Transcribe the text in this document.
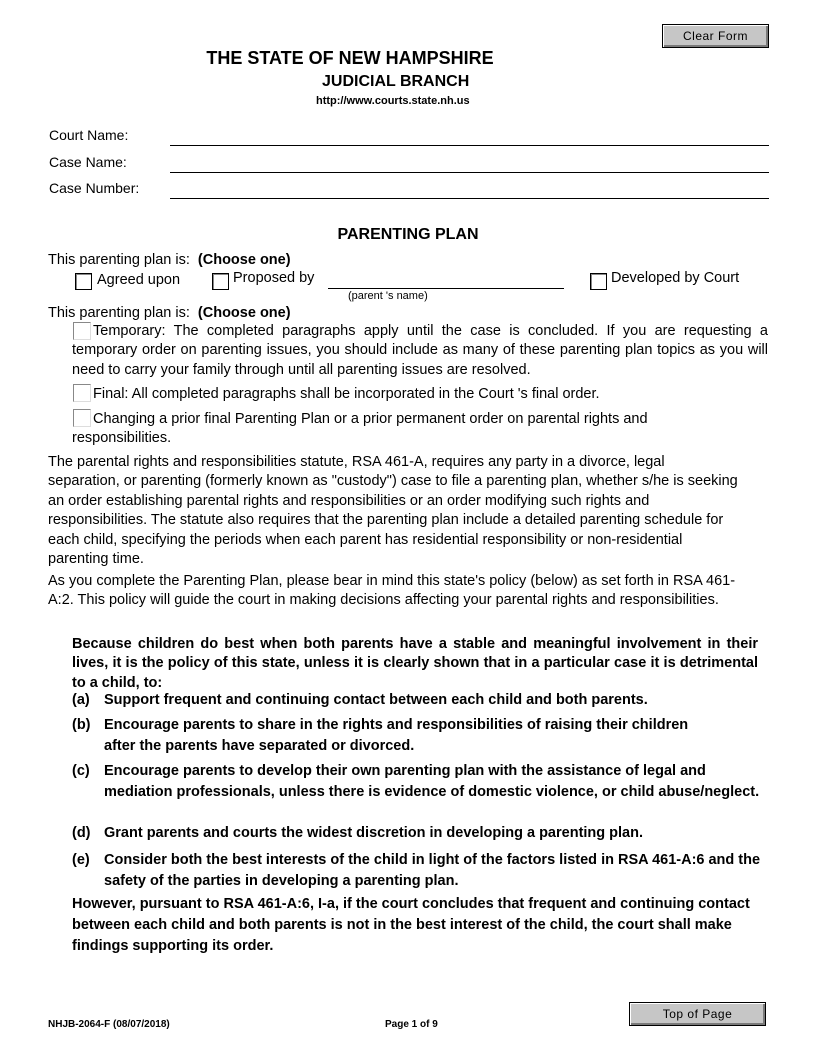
Clear Form
THE STATE OF NEW HAMPSHIRE
JUDICIAL BRANCH
http://www.courts.state.nh.us
Court Name:
Case Name:
Case Number:
PARENTING PLAN
This parenting plan is: (Choose one)
Agreed upon	Proposed by
(parent 's name)
Developed by Court
This parenting plan is: (Choose one)
Temporary: The completed paragraphs apply until the case is concluded. If you are requesting a temporary order on parenting issues, you should include as many of these parenting plan topics as you will need to carry your family through until all parenting issues are resolved.
Final: All completed paragraphs shall be incorporated in the Court 's final order.
Changing a prior final Parenting Plan or a prior permanent order on parental rights and responsibilities.
The parental rights and responsibilities statute, RSA 461-A, requires any party in a divorce, legal separation, or parenting (formerly known as "custody") case to file a parenting plan, whether s/he is seeking an order establishing parental rights and responsibilities or an order modifying such rights and responsibilities. The statute also requires that the parenting plan include a detailed parenting schedule for each child, specifying the periods when each parent has residential responsibility or non-residential parenting time.
As you complete the Parenting Plan, please bear in mind this state's policy (below) as set forth in RSA 461-A:2. This policy will guide the court in making decisions affecting your parental rights and responsibilities.
Because children do best when both parents have a stable and meaningful involvement in their lives, it is the policy of this state, unless it is clearly shown that in a particular case it is detrimental to a child, to:
(a) Support frequent and continuing contact between each child and both parents.
(b) Encourage parents to share in the rights and responsibilities of raising their children after the parents have separated or divorced.
(c) Encourage parents to develop their own parenting plan with the assistance of legal and mediation professionals, unless there is evidence of domestic violence, or child abuse/neglect.
(d) Grant parents and courts the widest discretion in developing a parenting plan.
(e) Consider both the best interests of the child in light of the factors listed in RSA 461-A:6 and the safety of the parties in developing a parenting plan.
However, pursuant to RSA 461-A:6, I-a, if the court concludes that frequent and continuing contact between each child and both parents is not in the best interest of the child, the court shall make findings supporting its order.
NHJB-2064-F (08/07/2018)	Page 1 of 9
Top of Page
